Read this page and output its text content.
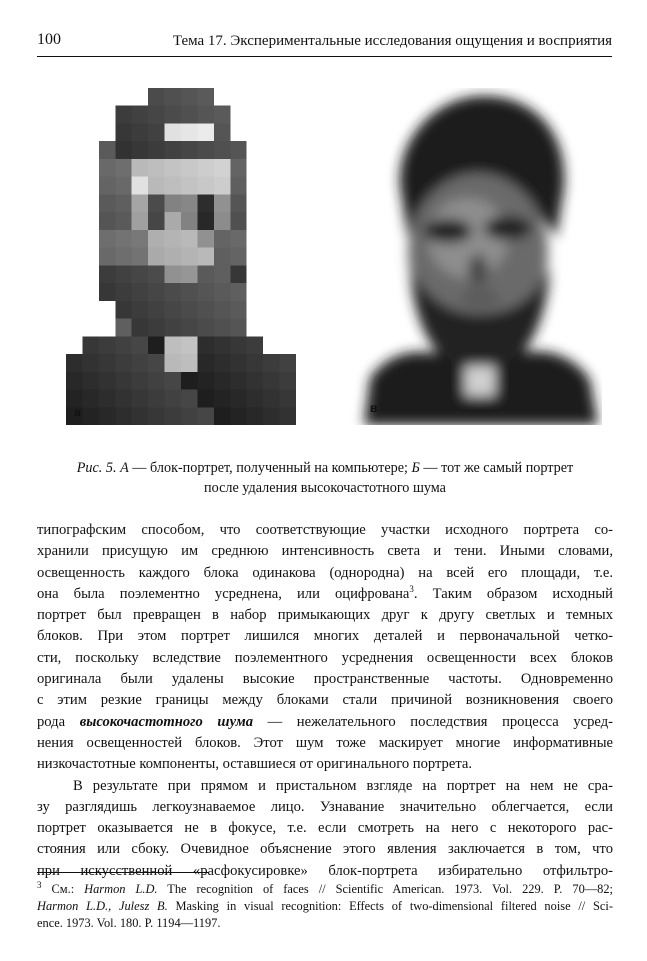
100	Тема 17. Экспериментальные исследования ощущения и восприятия
а	в
Рис. 5. А — блок-портрет, полученный на компьютере; Б — тот же самый портрет
после удаления высокочастотного шума
типографским способом, что соответствующие участки исходного портрета со-
хранили присущую им среднюю интенсивность света и тени. Иными словами,
освещенность каждого блока одинакова (однородна) на всей его площади, т.е.
она была поэлементно усреднена, или оцифрована$^3$. Таким образом исходный
портрет был превращен в набор примыкающих друг к другу светлых и темных
блоков. При этом портрет лишился многих деталей и первоначальной четко-
сти, поскольку вследствие поэлементного усреднения освещенности всех блоков
оригинала были удалены высокие пространственные частоты. Одновременно
с этим резкие границы между блоками стали причиной возникновения своего
рода высокочастотного шума — нежелательного последствия процесса усред-
нения освещенностей блоков. Этот шум тоже маскирует многие информативные
низкочастотные компоненты, оставшиеся от оригинального портрета.
В результате при прямом и пристальном взгляде на портрет на нем не сра-
зу разглядишь легкоузнаваемое лицо. Узнавание значительно облегчается, если
портрет оказывается не в фокусе, т.е. если смотреть на него с некоторого рас-
стояния или сбоку. Очевидное объяснение этого явления заключается в том, что
при искусственной «расфокусировке» блок-портрета избирательно отфильтро-
$^3$ См.: Harmon L.D. The recognition of faces // Scientific American. 1973. Vol. 229. P. 70—82;
Harmon L.D., Julesz B. Masking in visual recognition: Effects of two-dimensional filtered noise // Sci-
ence. 1973. Vol. 180. P. 1194—1197.
